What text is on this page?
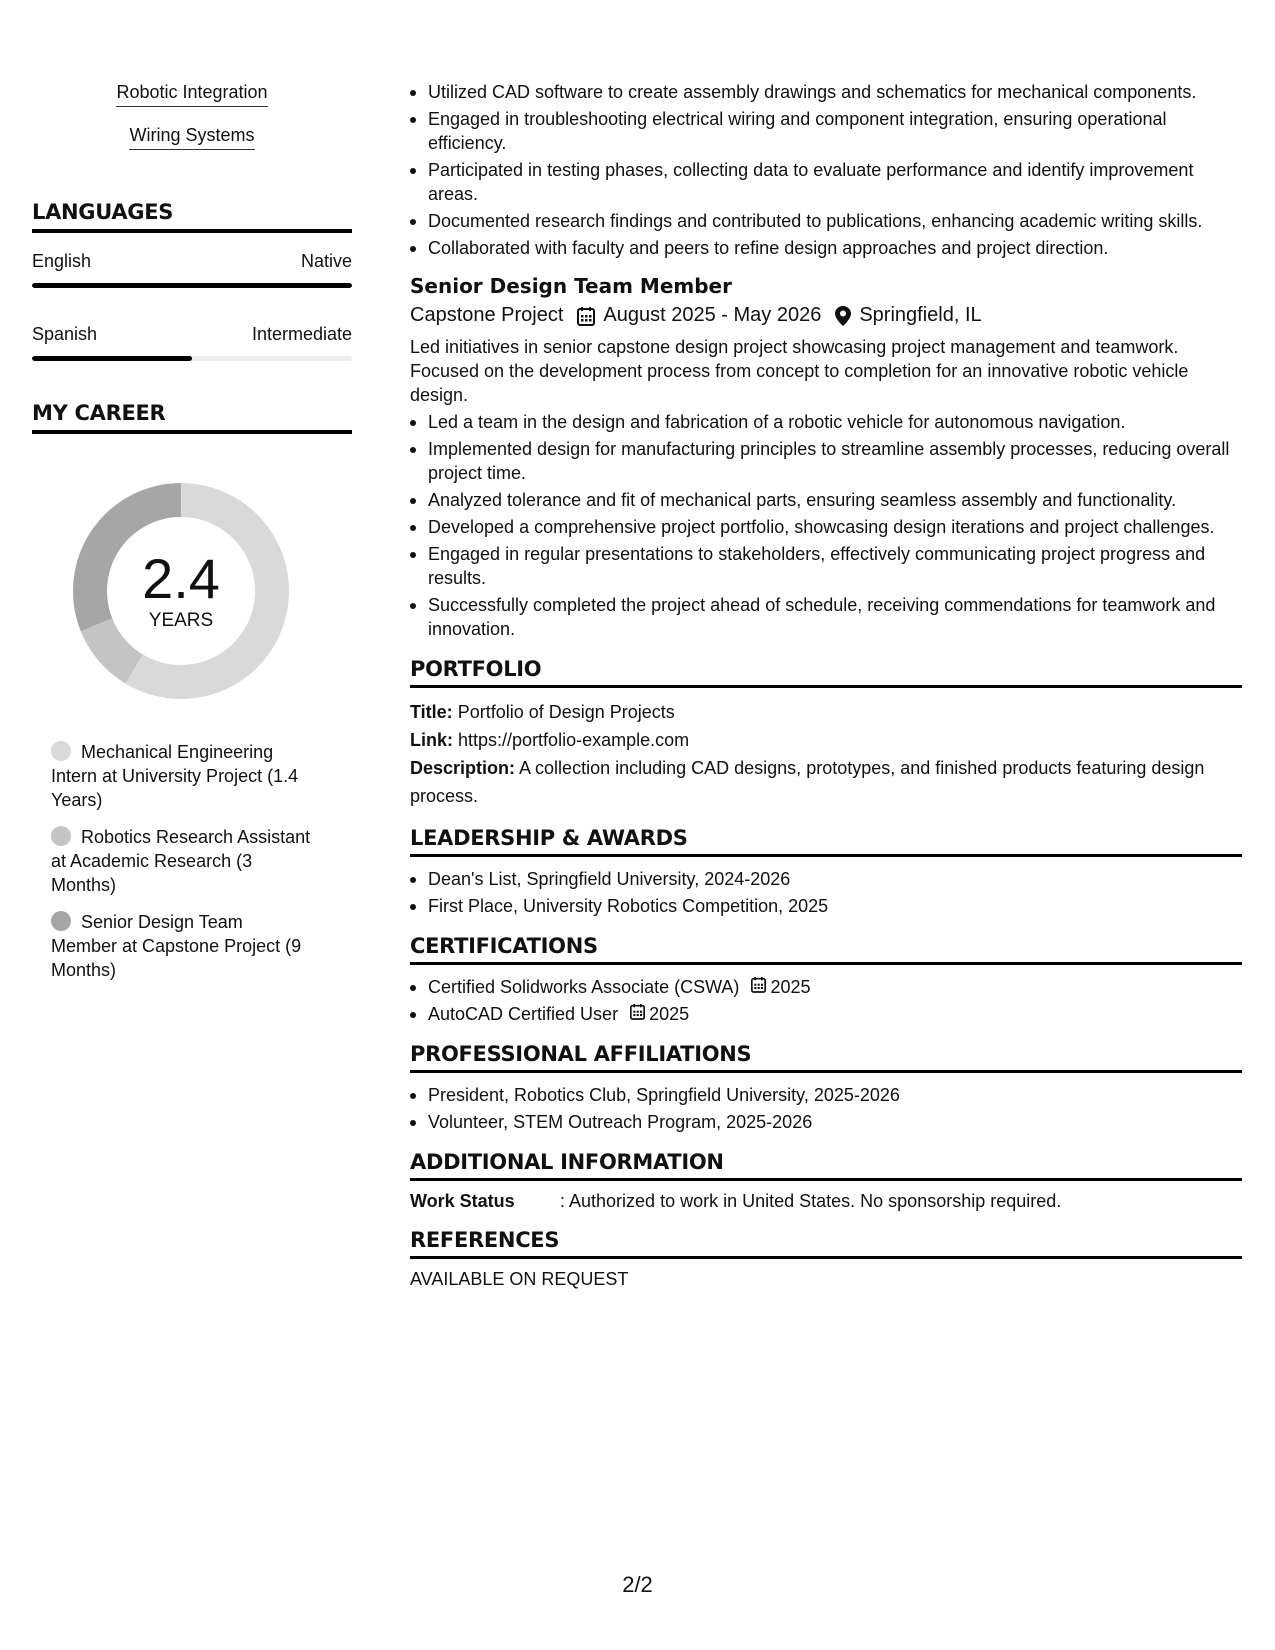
Robotic Integration
Wiring Systems
LANGUAGES
English	Native
Spanish	Intermediate
MY CAREER
2.4
YEARS
Mechanical Engineering Intern at University Project (1.4 Years)
Robotics Research Assistant at Academic Research (3 Months)
Senior Design Team Member at Capstone Project (9 Months)
Utilized CAD software to create assembly drawings and schematics for mechanical components.
Engaged in troubleshooting electrical wiring and component integration, ensuring operational efficiency.
Participated in testing phases, collecting data to evaluate performance and identify improvement areas.
Documented research findings and contributed to publications, enhancing academic writing skills.
Collaborated with faculty and peers to refine design approaches and project direction.
Senior Design Team Member
Capstone Project August 2025 - May 2026 Springfield, IL

Led initiatives in senior capstone design project showcasing project management and teamwork. Focused on the development process from concept to completion for an innovative robotic vehicle design.

Led a team in the design and fabrication of a robotic vehicle for autonomous navigation.
Implemented design for manufacturing principles to streamline assembly processes, reducing overall project time.
Analyzed tolerance and fit of mechanical parts, ensuring seamless assembly and functionality.
Developed a comprehensive project portfolio, showcasing design iterations and project challenges.
Engaged in regular presentations to stakeholders, effectively communicating project progress and results.
Successfully completed the project ahead of schedule, receiving commendations for teamwork and innovation.
PORTFOLIO
Title: Portfolio of Design Projects
Link: https://portfolio-example.com
Description: A collection including CAD designs, prototypes, and finished products featuring design process.
LEADERSHIP & AWARDS
Dean's List, Springfield University, 2024-2026
First Place, University Robotics Competition, 2025
CERTIFICATIONS
Certified Solidworks Associate (CSWA) 2025
AutoCAD Certified User 2025
PROFESSIONAL AFFILIATIONS
President, Robotics Club, Springfield University, 2025-2026
Volunteer, STEM Outreach Program, 2025-2026
ADDITIONAL INFORMATION
Work Status	: Authorized to work in United States. No sponsorship required.
REFERENCES
AVAILABLE ON REQUEST
2/2
